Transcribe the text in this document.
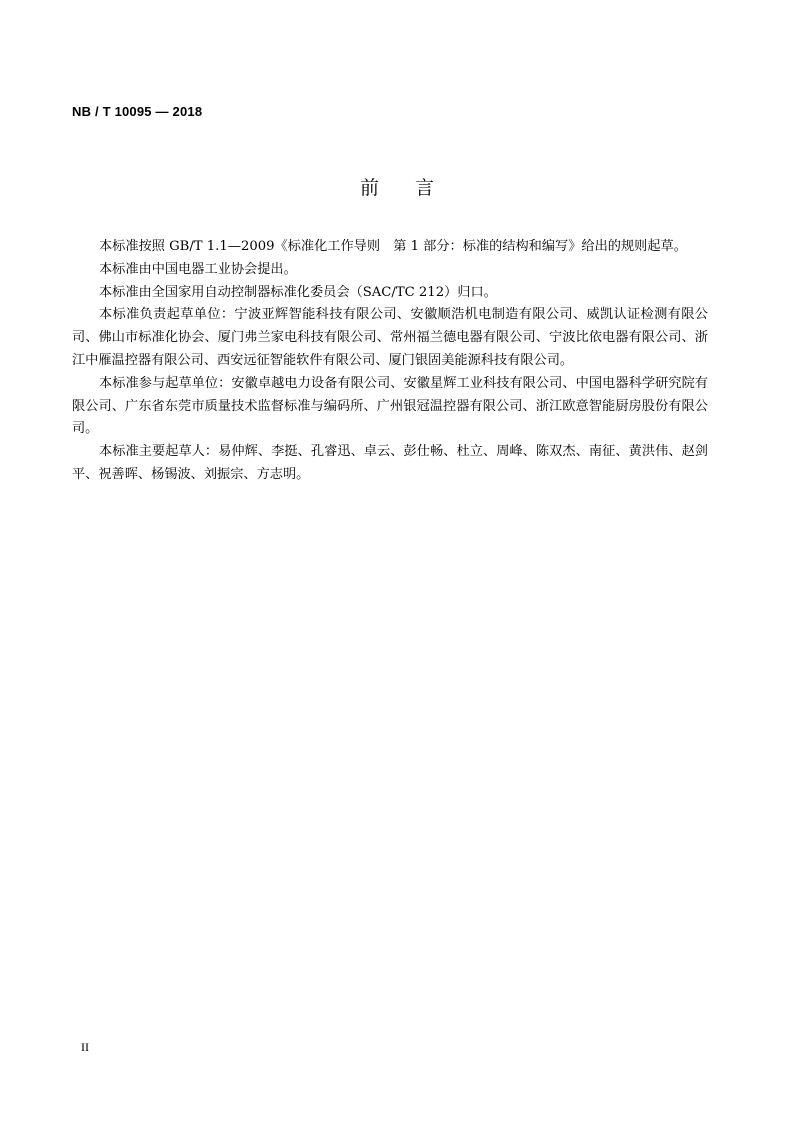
NB / T 10095 — 2018
前言

本标准按照 GB/T 1.1—2009《标准化工作导则　第 1 部分：标准的结构和编写》给出的规则起草。

本标准由中国电器工业协会提出。

本标准由全国家用自动控制器标准化委员会（SAC/TC 212）归口。

本标准负责起草单位：宁波亚辉智能科技有限公司、安徽顺浩机电制造有限公司、威凯认证检测有限公司、佛山市标准化协会、厦门弗兰家电科技有限公司、常州福兰德电器有限公司、宁波比依电器有限公司、浙江中雁温控器有限公司、西安远征智能软件有限公司、厦门银固美能源科技有限公司。

本标准参与起草单位：安徽卓越电力设备有限公司、安徽星辉工业科技有限公司、中国电器科学研究院有限公司、广东省东莞市质量技术监督标准与编码所、广州银冠温控器有限公司、浙江欧意智能厨房股份有限公司。

本标准主要起草人：易仲辉、李挺、孔睿迅、卓云、彭仕畅、杜立、周峰、陈双杰、南征、黄洪伟、赵剑平、祝善晖、杨锡波、刘振宗、方志明。

II
